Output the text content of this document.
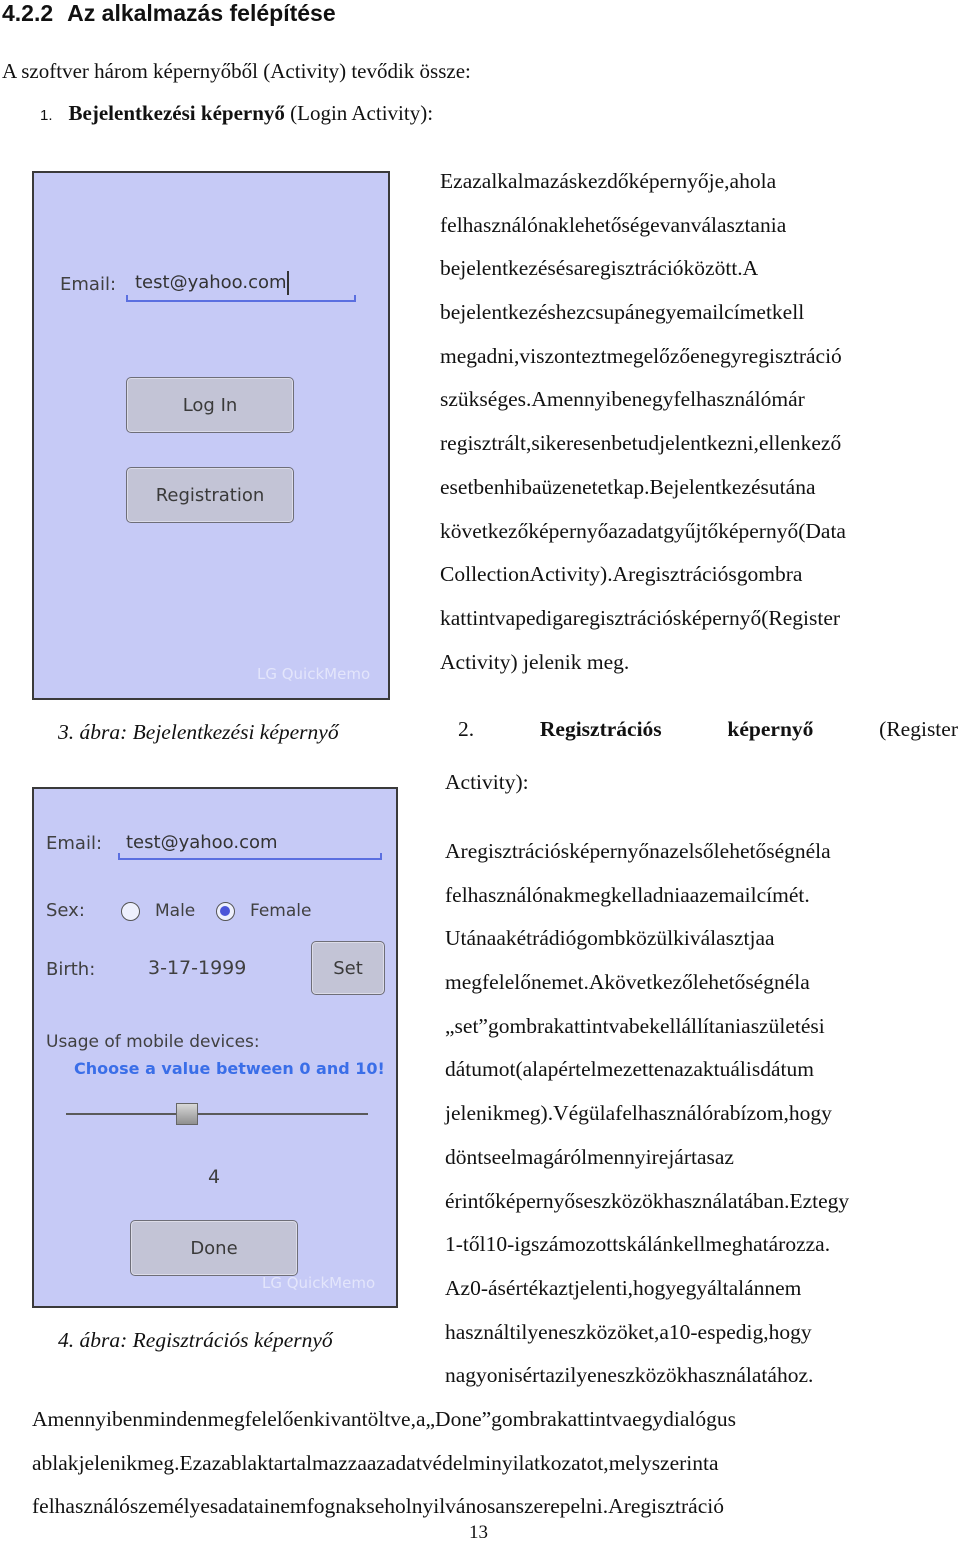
4.2.2 Az alkalmazás felépítése
A szoftver három képernyőből (Activity) tevődik össze:
1. Bejelentkezési képernyő (Login Activity):
Email: test@yahoo.com
Log In
Registration
LG QuickMemo
3. ábra: Bejelentkezési képernyő
Ezazalkalmazáskezdőképernyője,ahola
felhasználónaklehetőségevanválasztania
bejelentkezésésaregisztrációközött.A
bejelentkezéshezcsupánegyemailcímetkell
megadni,viszonteztmegelőzőenegyregisztráció
szükséges.Amennyibenegyfelhasználómár
regisztrált,sikeresenbetudjelentkezni,ellenkező
esetbenhibaüzenetetkap.Bejelentkezésutána
következőképernyőazadatgyűjtőképernyő(Data
CollectionActivity).Aregisztrációsgombra
kattintvapedigaregisztrációsképernyő(Register
Activity) jelenik meg.
2.	Regisztrációs	képernyő	(Register
Activity):
Email: test@yahoo.com
Sex:	Male	Female
Birth:	3-17-1999	Set
Usage of mobile devices:
Choose a value between 0 and 10!
4
Done
LG QuickMemo
4. ábra: Regisztrációs képernyő
Aregisztrációsképernyőnazelsőlehetőségnéla
felhasználónakmegkelladniaazemailcímét.
Utánaakétrádiógombközülkiválasztjaa
megfelelőnemet.Akövetkezőlehetőségnéla
„set”gombrakattintvabekellállítaniaszületési
dátumot(alapértelmezettenazaktuálisdátum
jelenikmeg).Végülafelhasználórabízom,hogy
döntseelmagárólmennyirejártasaz
érintőképernyőseszközökhasználatában.Eztegy
1-től10-igszámozottskálánkellmeghatározza.
Az0-ásértékaztjelenti,hogyegyáltalánnem
használtilyeneszközöket,a10-espedig,hogy
nagyonisértazilyeneszközökhasználatához.
Amennyibenmindenmegfelelőenkivantöltve,a„Done”gombrakattintvaegydialógus
ablakjelenikmeg.Ezazablaktartalmazzaazadatvédelminyilatkozatot,melyszerinta
felhasználószemélyesadatainemfognakseholnyilvánosanszerepelni.Aregisztráció
13
